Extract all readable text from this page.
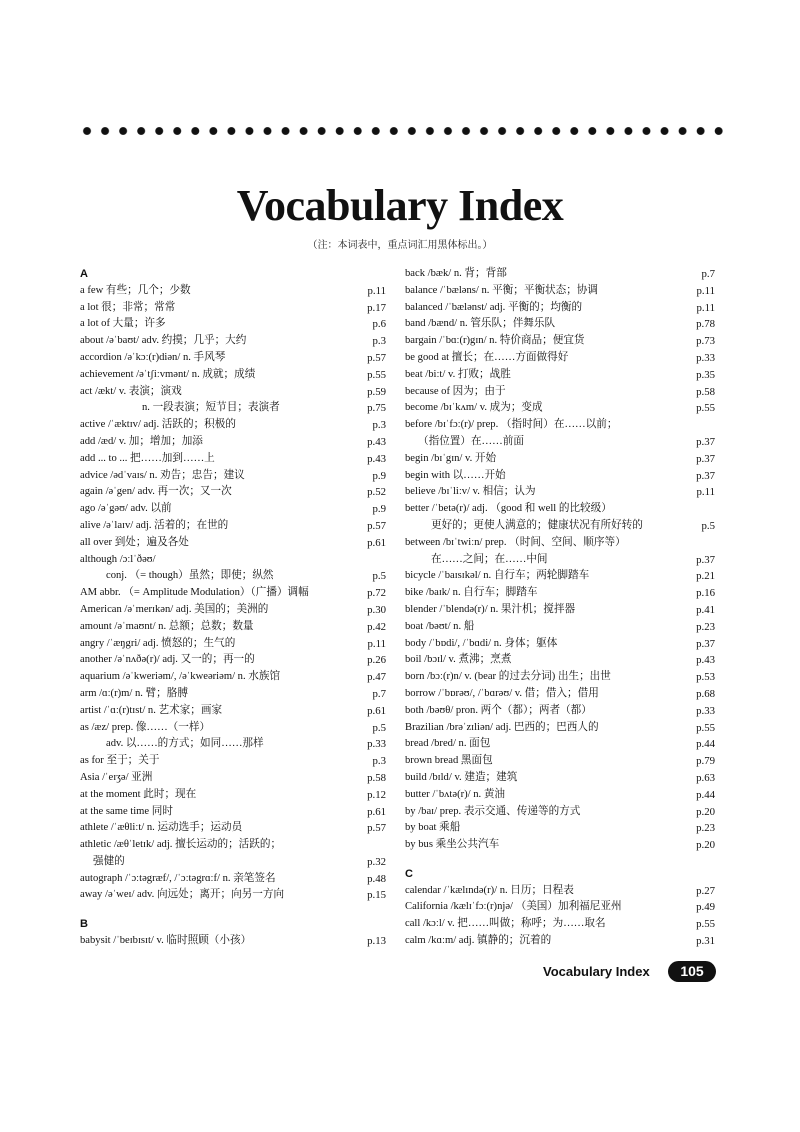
Vocabulary Index
（注：本词表中，重点词汇用黑体标出。）
A
a few 有些；几个；少数	p.11
a lot 很；非常；常常	p.17
a lot of 大量；许多	p.6
about /əˈbaʊt/ adv. 约摸；几乎；大约	p.3
accordion /əˈkɔː(r)diən/ n. 手风琴	p.57
achievement /əˈtʃiːvmənt/ n. 成就；成绩	p.55
act /ækt/ v. 表演；演戏	p.59
n. 一段表演；短节目；表演者	p.75
active /ˈæktɪv/ adj. 活跃的；积极的	p.3
add /æd/ v. 加；增加；加添	p.43
add ... to ... 把……加到……上	p.43
advice /ədˈvaɪs/ n. 劝告；忠告；建议	p.9
again /əˈgen/ adv. 再一次；又一次	p.52
ago /əˈgəʊ/ adv. 以前	p.9
alive /əˈlaɪv/ adj. 活着的；在世的	p.57
all over 到处；遍及各处	p.61
although /ɔːlˈðəʊ/
conj. （= though）虽然；即使；纵然	p.5
AM abbr. （= Amplitude Modulation）（广播）调幅	p.72
American /əˈmerɪkən/ adj. 美国的；美洲的	p.30
amount /əˈmaʊnt/ n. 总额；总数；数量	p.42
angry /ˈæŋgri/ adj. 愤怒的；生气的	p.11
another /əˈnʌðə(r)/ adj. 又一的；再一的	p.26
aquarium /əˈkweriəm/, /əˈkweəriəm/ n. 水族馆	p.47
arm /ɑː(r)m/ n. 臂；胳膊	p.7
artist /ˈɑː(r)tɪst/ n. 艺术家；画家	p.61
as /æz/ prep. 像……（一样）	p.5
adv. 以……的方式；如同……那样	p.33
as for 至于；关于	p.3
Asia /ˈeɪʒə/ 亚洲	p.58
at the moment 此时；现在	p.12
at the same time 同时	p.61
athlete /ˈæθliːt/ n. 运动选手；运动员	p.57
athletic /æθˈletɪk/ adj. 擅长运动的；活跃的；
强健的	p.32
autograph /ˈɔːtəgræf/, /ˈɔːtəgrɑːf/ n. 亲笔签名	p.48
away /əˈweɪ/ adv. 向远处；离开；向另一方向	p.15
B
babysit /ˈbeɪbɪsɪt/ v. 临时照顾（小孩）	p.13
back /bæk/ n. 背；背部	p.7
balance /ˈbæləns/ n. 平衡；平衡状态；协调	p.11
balanced /ˈbælənst/ adj. 平衡的；均衡的	p.11
band /bænd/ n. 管乐队；伴舞乐队	p.78
bargain /ˈbɑː(r)gɪn/ n. 特价商品；便宜货	p.73
be good at 擅长；在……方面做得好	p.33
beat /biːt/ v. 打败；战胜	p.35
because of 因为；由于	p.58
become /bɪˈkʌm/ v. 成为；变成	p.55
before /bɪˈfɔː(r)/ prep. （指时间）在……以前；
（指位置）在……前面	p.37
begin /bɪˈgɪn/ v. 开始	p.37
begin with 以……开始	p.37
believe /bɪˈliːv/ v. 相信；认为	p.11
better /ˈbetə(r)/ adj. （good 和 well 的比较级）
更好的；更使人满意的；健康状况有所好转的	p.5
between /bɪˈtwiːn/ prep. （时间、空间、顺序等）
在……之间；在……中间	p.37
bicycle /ˈbaɪsɪkəl/ n. 自行车；两轮脚踏车	p.21
bike /baɪk/ n. 自行车；脚踏车	p.16
blender /ˈblendə(r)/ n. 果汁机；搅拌器	p.41
boat /bəʊt/ n. 船	p.23
body /ˈbɒdi/, /ˈbɑdi/ n. 身体；躯体	p.37
boil /bɔɪl/ v. 煮沸；烹煮	p.43
born /bɔː(r)n/ v. (bear 的过去分词) 出生；出世	p.53
borrow /ˈbɒrəʊ/, /ˈbɑrəʊ/ v. 借；借入；借用	p.68
both /bəʊθ/ pron. 两个（都）；两者（都）	p.33
Brazilian /brəˈzɪliən/ adj. 巴西的；巴西人的	p.55
bread /bred/ n. 面包	p.44
brown bread 黑面包	p.79
build /bɪld/ v. 建造；建筑	p.63
butter /ˈbʌtə(r)/ n. 黄油	p.44
by /baɪ/ prep. 表示交通、传递等的方式	p.20
by boat 乘船	p.23
by bus 乘坐公共汽车	p.20
C
calendar /ˈkælɪndə(r)/ n. 日历；日程表	p.27
California /kælɪˈfɔː(r)njə/ （美国）加利福尼亚州	p.49
call /kɔːl/ v. 把……叫做；称呼；为……取名	p.55
calm /kɑːm/ adj. 镇静的；沉着的	p.31
Vocabulary Index	105
